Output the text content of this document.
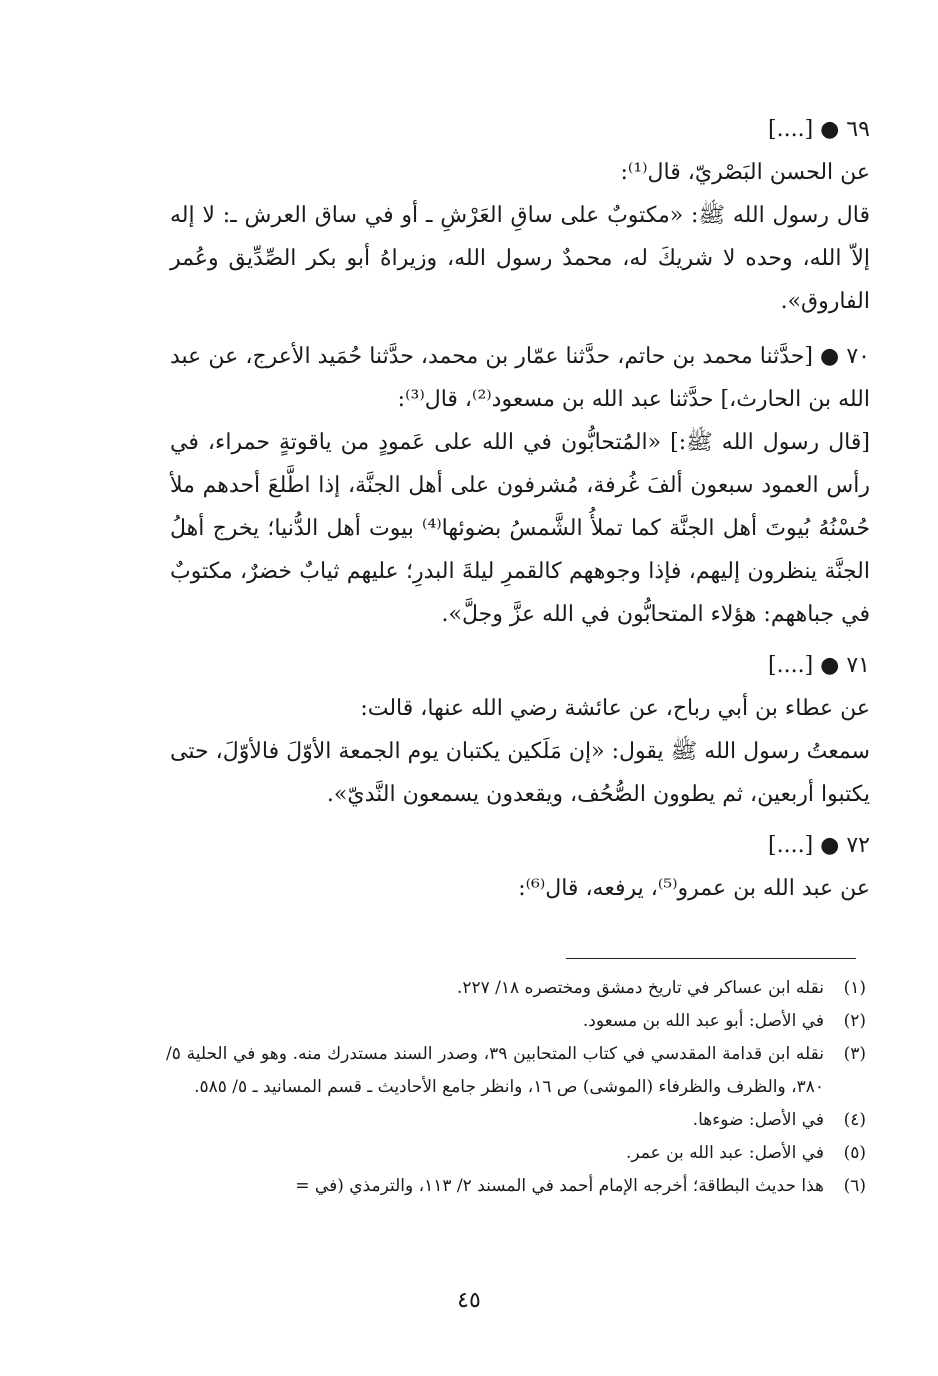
٦٩ ● [....]

عن الحسن البَصْريّ، قال⁽¹⁾:

قال رسول الله ﷺ: «مكتوبٌ على ساقِ العَرْشِ ـ أو في ساق العرش ـ: لا إله إلاّ الله، وحده لا شريكَ له، محمدٌ رسول الله، وزيراهُ أبو بكر الصِّدِّيق وعُمر الفاروق».

٧٠ ● [حدَّثنا محمد بن حاتم، حدَّثنا عمّار بن محمد، حدَّثنا حُمَيد الأعرج، عن عبد الله بن الحارث،] حدَّثنا عبد الله بن مسعود⁽²⁾، قال⁽³⁾:

[قال رسول الله ﷺ:] «المُتحابُّون في الله على عَمودٍ من ياقوتةٍ حمراء، في رأس العمود سبعون ألفَ غُرفة، مُشرفون على أهل الجنَّة، إذا اطَّلعَ أحدهم ملأ حُسْنُهُ بُيوتَ أهل الجنَّة كما تملأُ الشَّمسُ بضوئها⁽⁴⁾ بيوت أهل الدُّنيا؛ يخرج أهلُ الجنَّة ينظرون إليهم، فإذا وجوههم كالقمرِ ليلةَ البدرِ؛ عليهم ثيابٌ خضرٌ، مكتوبٌ في جباههم: هؤلاء المتحابُّون في الله عزَّ وجلَّ».

٧١ ● [....]

عن عطاء بن أبي رباح، عن عائشة رضي الله عنها، قالت:

سمعتُ رسول الله ﷺ يقول: «إن مَلَكين يكتبان يوم الجمعة الأوّلَ فالأوّلَ، حتى يكتبوا أربعين، ثم يطوون الصُّحُف، ويقعدون يسمعون النَّديّ».

٧٢ ● [....]

عن عبد الله بن عمرو⁽⁵⁾، يرفعه، قال⁽⁶⁾:

(١)
نقله ابن عساكر في تاريخ دمشق ومختصره ١٨/ ٢٢٧.
(٢)
في الأصل: أبو عبد الله بن مسعود.
(٣)
نقله ابن قدامة المقدسي في كتاب المتحابين ٣٩، وصدر السند مستدرك منه. وهو في الحلية ٥/ ٣٨٠، والظرف والظرفاء (الموشى) ص ١٦، وانظر جامع الأحاديث ـ قسم المسانيد ـ ٥/ ٥٨٥.
(٤)
في الأصل: ضوءها.
(٥)
في الأصل: عبد الله بن عمر.
(٦)
هذا حديث البطاقة؛ أخرجه الإمام أحمد في المسند ٢/ ١١٣، والترمذي (في =
٤٥
